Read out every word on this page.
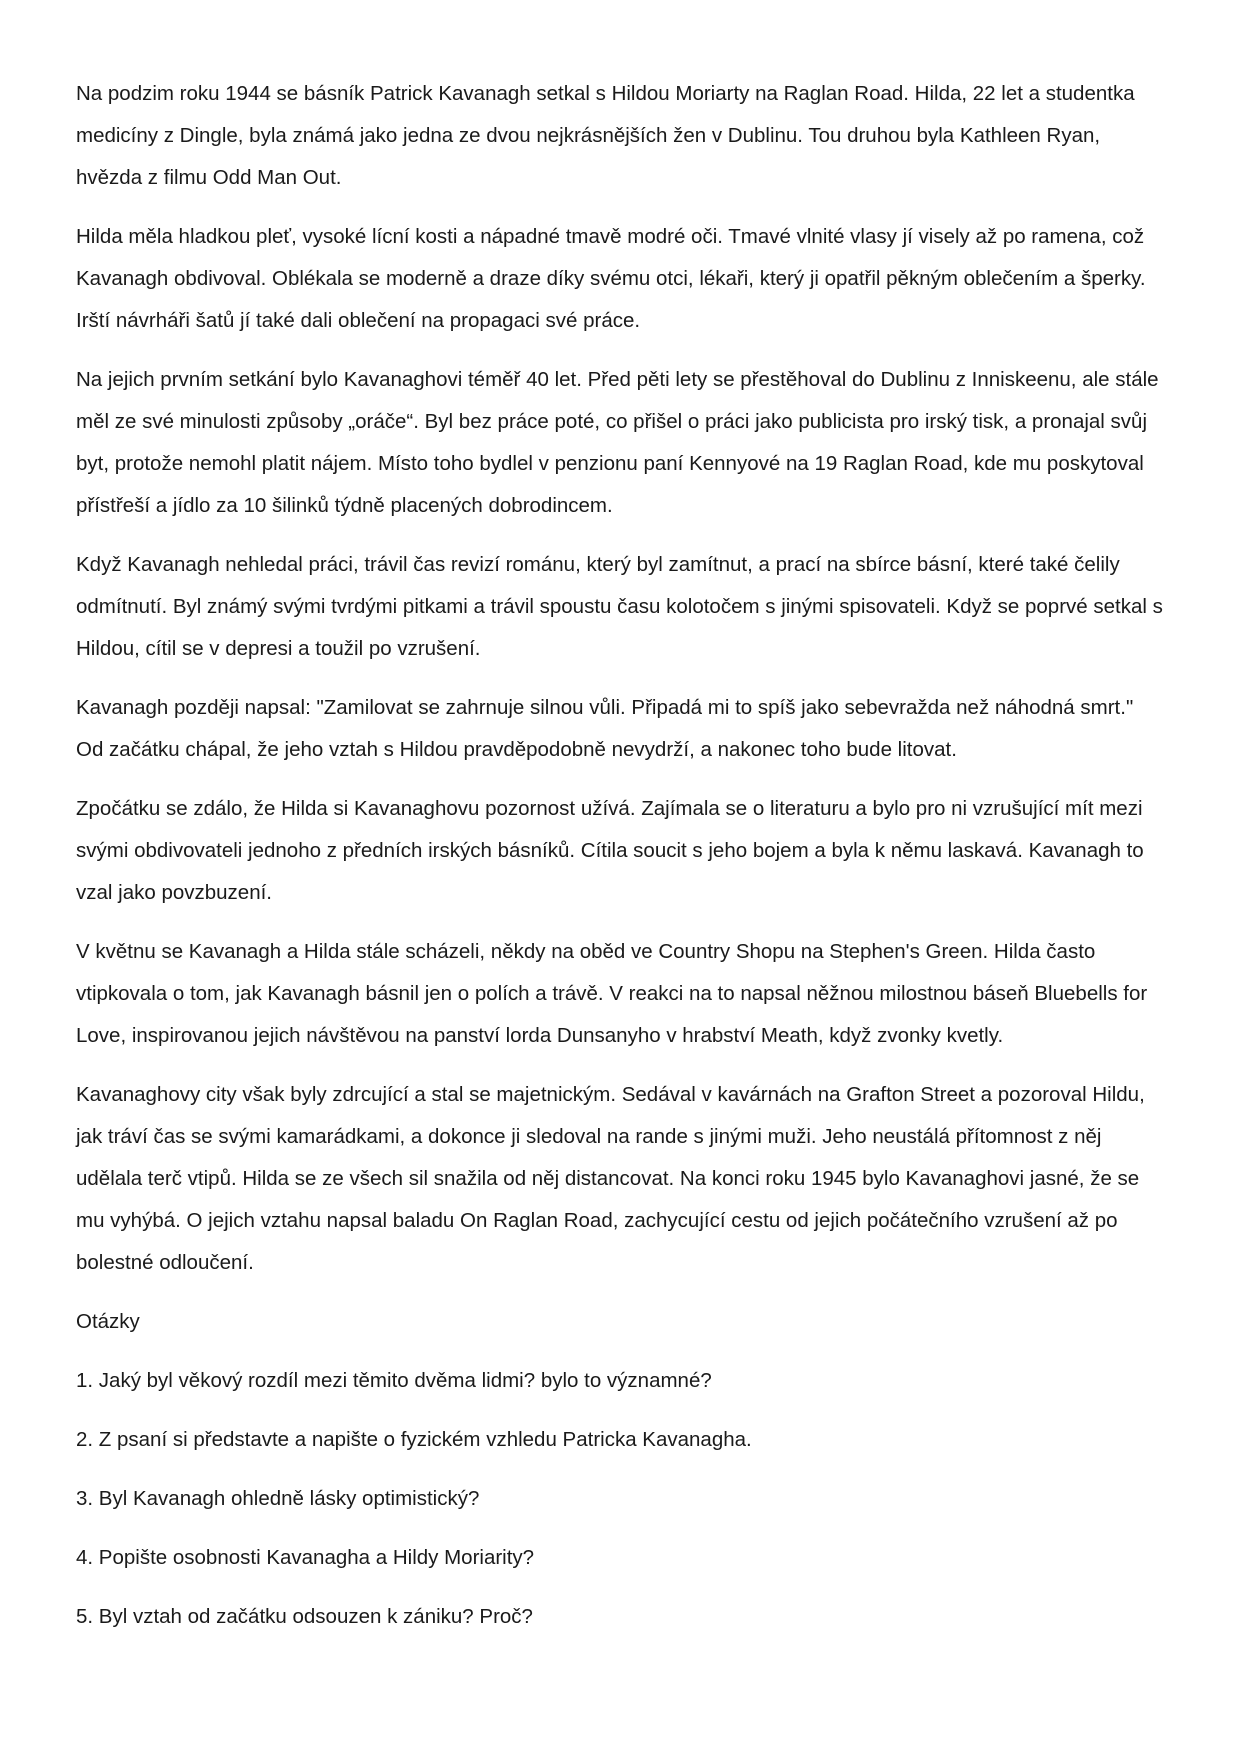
Na podzim roku 1944 se básník Patrick Kavanagh setkal s Hildou Moriarty na Raglan Road. Hilda, 22 let a studentka medicíny z Dingle, byla známá jako jedna ze dvou nejkrásnějších žen v Dublinu. Tou druhou byla Kathleen Ryan, hvězda z filmu Odd Man Out.

Hilda měla hladkou pleť, vysoké lícní kosti a nápadné tmavě modré oči. Tmavé vlnité vlasy jí visely až po ramena, což Kavanagh obdivoval. Oblékala se moderně a draze díky svému otci, lékaři, který ji opatřil pěkným oblečením a šperky. Irští návrháři šatů jí také dali oblečení na propagaci své práce.

Na jejich prvním setkání bylo Kavanaghovi téměř 40 let. Před pěti lety se přestěhoval do Dublinu z Inniskeenu, ale stále měl ze své minulosti způsoby „oráče“. Byl bez práce poté, co přišel o práci jako publicista pro irský tisk, a pronajal svůj byt, protože nemohl platit nájem. Místo toho bydlel v penzionu paní Kennyové na 19 Raglan Road, kde mu poskytoval přístřeší a jídlo za 10 šilinků týdně placených dobrodincem.

Když Kavanagh nehledal práci, trávil čas revizí románu, který byl zamítnut, a prací na sbírce básní, které také čelily odmítnutí. Byl známý svými tvrdými pitkami a trávil spoustu času kolotočem s jinými spisovateli. Když se poprvé setkal s Hildou, cítil se v depresi a toužil po vzrušení.

Kavanagh později napsal: "Zamilovat se zahrnuje silnou vůli. Připadá mi to spíš jako sebevražda než náhodná smrt." Od začátku chápal, že jeho vztah s Hildou pravděpodobně nevydrží, a nakonec toho bude litovat.

Zpočátku se zdálo, že Hilda si Kavanaghovu pozornost užívá. Zajímala se o literaturu a bylo pro ni vzrušující mít mezi svými obdivovateli jednoho z předních irských básníků. Cítila soucit s jeho bojem a byla k němu laskavá. Kavanagh to vzal jako povzbuzení.

V květnu se Kavanagh a Hilda stále scházeli, někdy na oběd ve Country Shopu na Stephen's Green. Hilda často vtipkovala o tom, jak Kavanagh básnil jen o polích a trávě. V reakci na to napsal něžnou milostnou báseň Bluebells for Love, inspirovanou jejich návštěvou na panství lorda Dunsanyho v hrabství Meath, když zvonky kvetly.

Kavanaghovy city však byly zdrcující a stal se majetnickým. Sedával v kavárnách na Grafton Street a pozoroval Hildu, jak tráví čas se svými kamarádkami, a dokonce ji sledoval na rande s jinými muži. Jeho neustálá přítomnost z něj udělala terč vtipů. Hilda se ze všech sil snažila od něj distancovat. Na konci roku 1945 bylo Kavanaghovi jasné, že se mu vyhýbá. O jejich vztahu napsal baladu On Raglan Road, zachycující cestu od jejich počátečního vzrušení až po bolestné odloučení.

Otázky

1. Jaký byl věkový rozdíl mezi těmito dvěma lidmi? bylo to významné?

2. Z psaní si představte a napište o fyzickém vzhledu Patricka Kavanagha.

3. Byl Kavanagh ohledně lásky optimistický?

4. Popište osobnosti Kavanagha a Hildy Moriarity?

5. Byl vztah od začátku odsouzen k zániku? Proč?
